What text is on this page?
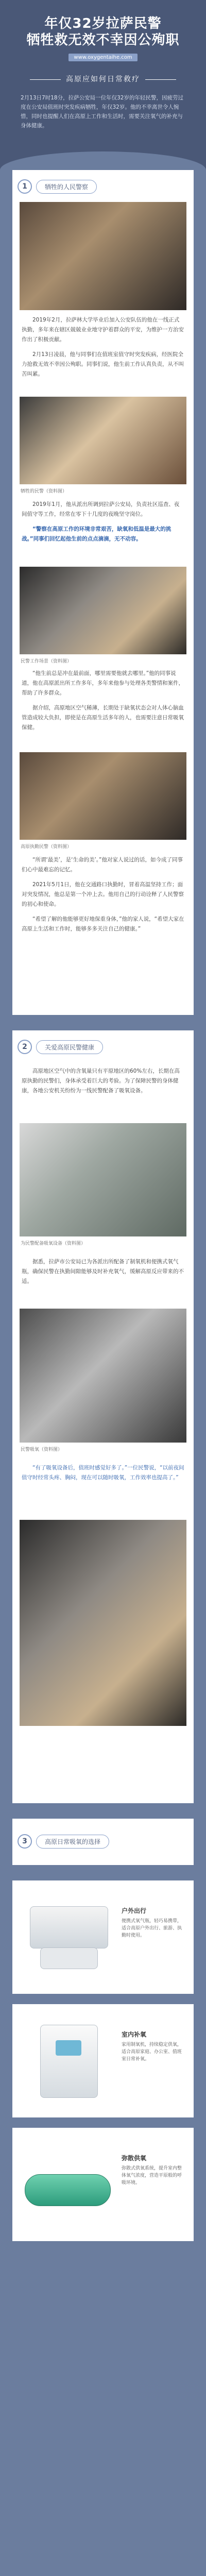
年仅32岁拉萨民警
牺牲救无效不幸因公殉职
www.oxygentaihe.com
高原应如何日常救疗
2月13日7时18分，拉萨公安局一位年仅32岁的年轻民警，因疲劳过度在公安局值班时突发疾病牺牲，年仅32岁。他的不幸离世令人惋惜，同时也提醒人们在高原上工作和生活时，需要关注氧气的补充与身体健康。
1	牺牲的人民警察

2019年2月，拉萨林大学毕业后加入公安队伍的他在一线正式执勤，多年来在辖区兢兢业业地守护着群众的平安，为维护一方治安作出了积极贡献。

2月13日凌晨，他与同事们在值班室值守时突发疾病，经医院全力抢救无效不幸因公殉职。同事们说，他生前工作认真负责，从不叫苦叫累。

牺牲的民警（资料图）

2019年1月，他从派出所调到拉萨公安局，负责社区巡查、夜间值守等工作，经常在零下十几度的夜晚坚守岗位。

“警察在高原工作的环境非常艰苦，缺氧和低温是最大的挑战。”同事们回忆起他生前的点点滴滴，无不动容。

民警工作场景（资料图）

“他生前总是冲在最前面，哪里需要他就去哪里。”他的同事说道，他在高原派出所工作多年，多年来他参与处理各类警情和案件，帮助了许多群众。

据介绍，高原地区空气稀薄，长期处于缺氧状态会对人体心脑血管造成较大负担，即使是在高原生活多年的人，也需要注意日常吸氧保健。

高原执勤民警（资料图）

“所谓‘最美’，是‘生命的美’。”他对家人说过的话，如今成了同事们心中最难忘的记忆。

2021年5月1日，他在交通路口执勤时，冒着高温坚持工作；面对突发情况，他总是第一个冲上去。他用自己的行动诠释了人民警察的初心和使命。

“希望了解的他能够更好地保重身体，”他的家人说，“希望大家在高原上生活和工作时，能够多多关注自己的健康。”

2	关爱高原民警健康

高原地区空气中的含氧量只有平原地区的60%左右，长期在高原执勤的民警们，身体承受着巨大的考验。为了保障民警的身体健康，各地公安机关纷纷为一线民警配备了吸氧设备。

为民警配备吸氧设备（资料图）

据悉，拉萨市公安局已为各派出所配备了制氧机和便携式氧气瓶，确保民警在执勤间隙能够及时补充氧气，缓解高原反应带来的不适。

民警吸氧（资料图）

“有了吸氧设备后，值班时感觉好多了。”一位民警说，“以前夜间值守时经常头疼、胸闷，现在可以随时吸氧，工作效率也提高了。”

3	高原日常吸氧的选择
户外出行
便携式氧气瓶，轻巧易携带，适合高原户外出行、旅游、执勤时使用。
室内补氧
家用制氧机，持续稳定供氧，适合高原家庭、办公室、值班室日常补氧。
弥散供氧
弥散式供氧系统，提升室内整体氧气浓度，营造平原般的呼吸环境。
